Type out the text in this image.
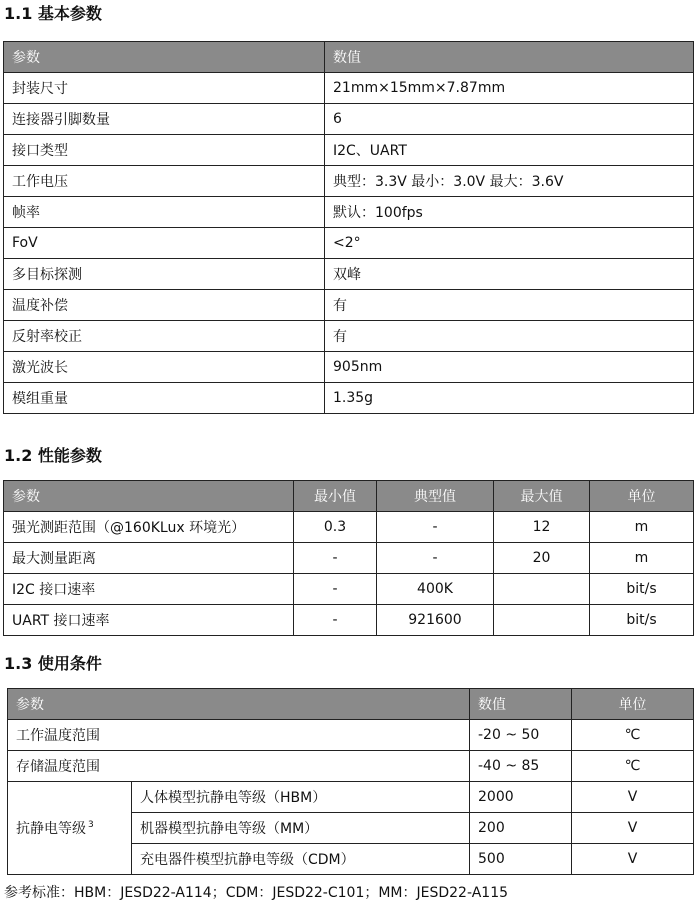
1.1 基本参数
参数	数值
封装尺寸	21mm×15mm×7.87mm
连接器引脚数量	6
接口类型	I2C、UART
工作电压	典型：3.3V 最小：3.0V 最大：3.6V
帧率	默认：100fps
FoV	<2°
多目标探测	双峰
温度补偿	有
反射率校正	有
激光波长	905nm
模组重量	1.35g
1.2 性能参数
参数	最小值	典型值	最大值	单位
强光测距范围（@160KLux 环境光）	0.3	-	12	m
最大测量距离	-	-	20	m
I2C 接口速率	-	400K		bit/s
UART 接口速率	-	921600		bit/s
1.3 使用条件
参数		数值	单位
工作温度范围		-20 ~ 50	℃
存储温度范围		-40 ~ 85	℃
抗静电等级 $^3$	人体模型抗静电等级（HBM）	2000	V
	机器模型抗静电等级（MM）	200	V
	充电器件模型抗静电等级（CDM）	500	V

参考标准：HBM：JESD22-A114；CDM：JESD22-C101；MM：JESD22-A115
